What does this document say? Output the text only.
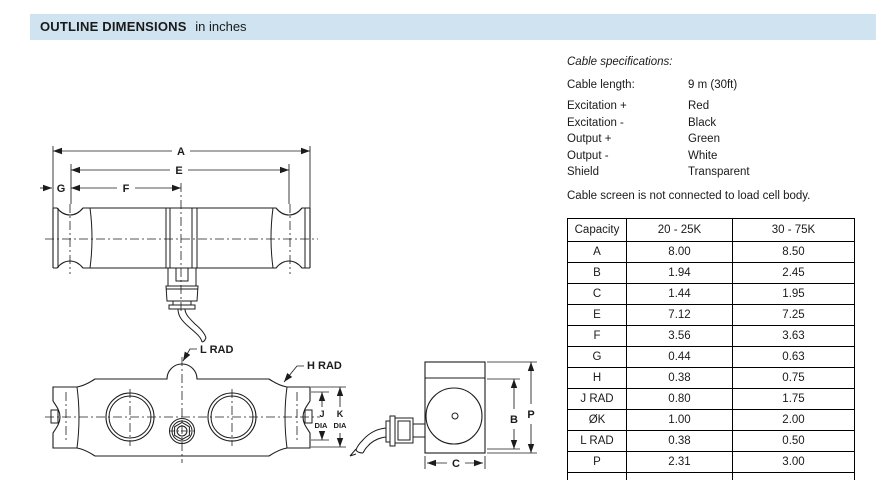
OUTLINE DIMENSIONS in inches
A
E
F
G
L RAD
H RAD
J
DIA
K
DIA	B P
C

Cable specifications:

Cable length:	9 m (30ft)
Excitation +	Red
Excitation -	Black
Output +	Green
Output -	White
Shield	Transparent
Cable screen is not connected to load cell body.
Capacity	20 - 25K	30 - 75K
A	8.00	8.50
B	1.94	2.45
C	1.44	1.95
E	7.12	7.25
F	3.56	3.63
G	0.44	0.63
H	0.38	0.75
J RAD	0.80	1.75
ØK	1.00	2.00
L RAD	0.38	0.50
P	2.31	3.00
